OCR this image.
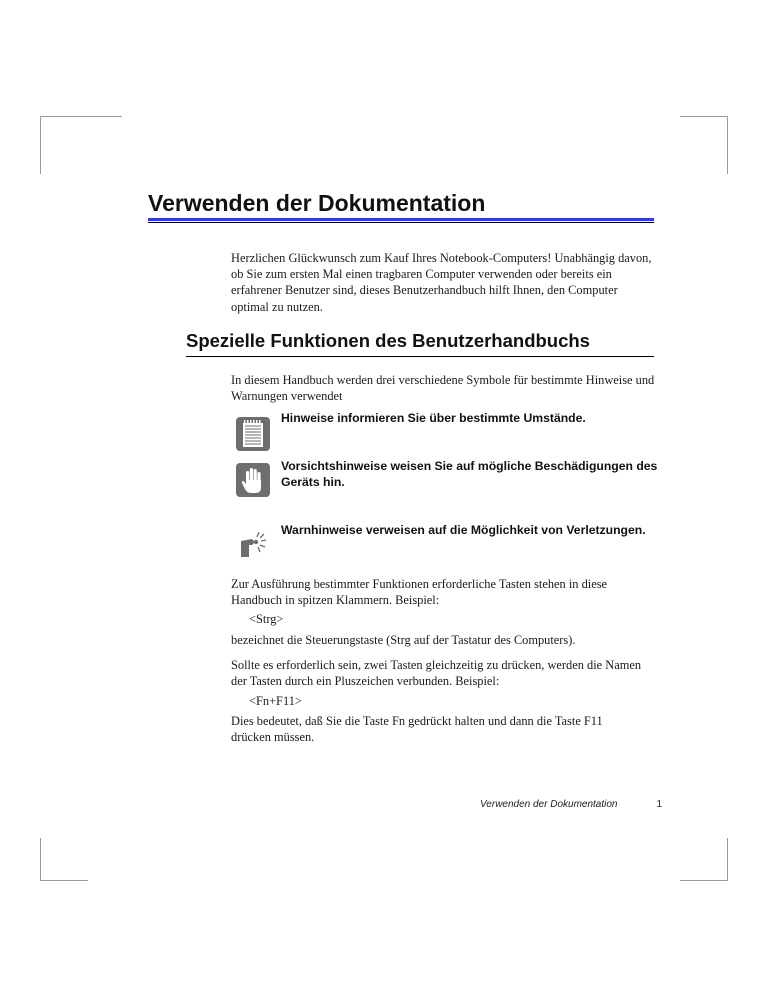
Verwenden der Dokumentation

Herzlichen Glückwunsch zum Kauf Ihres Notebook-Computers! Unabhängig davon, ob Sie zum ersten Mal einen tragbaren Computer verwenden oder bereits ein erfahrener Benutzer sind, dieses Benutzerhandbuch hilft Ihnen, den Computer optimal zu nutzen.

Spezielle Funktionen des Benutzerhandbuchs

In diesem Handbuch werden drei verschiedene Symbole für bestimmte Hinweise und Warnungen verwendet

Hinweise informieren Sie über bestimmte Umstände.

Vorsichtshinweise weisen Sie auf mögliche Beschädigungen des Geräts hin.

Warnhinweise verweisen auf die Möglichkeit von Verletzungen.

Zur Ausführung bestimmter Funktionen erforderliche Tasten stehen in diese Handbuch in spitzen Klammern. Beispiel:

<Strg>

bezeichnet die Steuerungstaste (Strg auf der Tastatur des Computers).

Sollte es erforderlich sein, zwei Tasten gleichzeitig zu drücken, werden die Namen der Tasten durch ein Pluszeichen verbunden. Beispiel:

<Fn+F11>

Dies bedeutet, daß Sie die Taste Fn gedrückt halten und dann die Taste F11 drücken müssen.

Verwenden der Dokumentation	1
